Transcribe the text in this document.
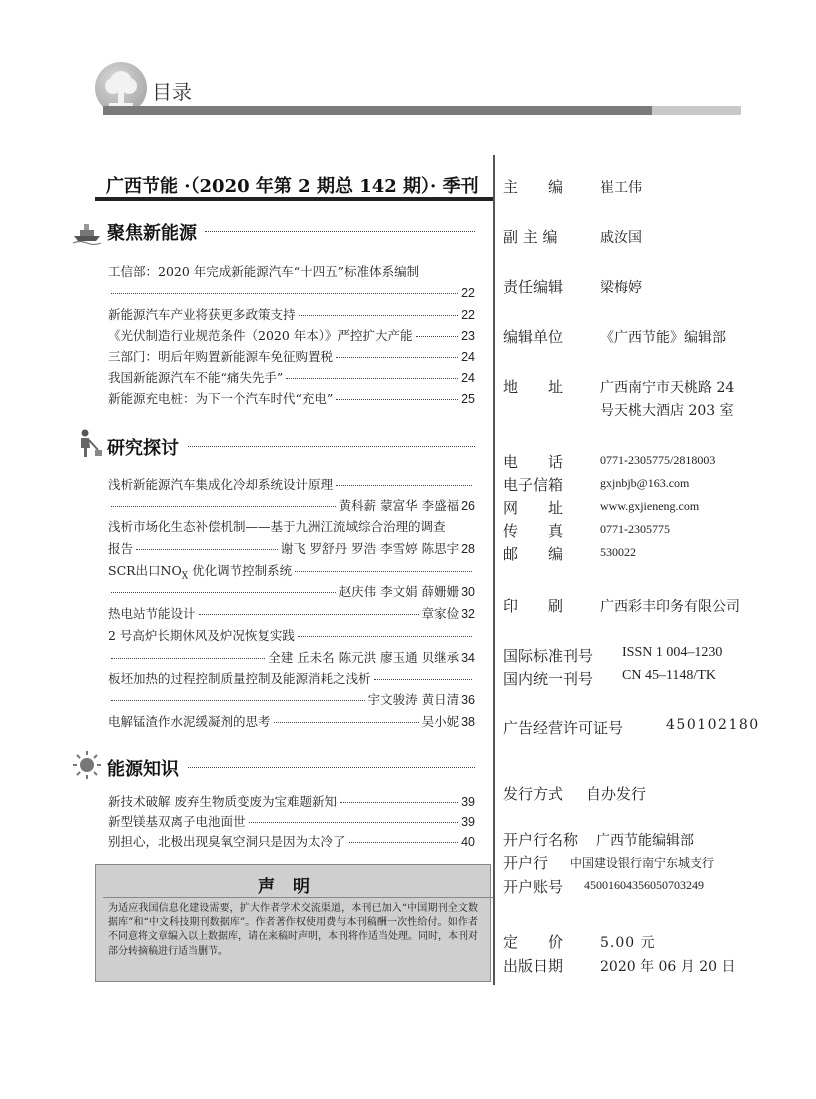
目录
广西节能 ·（2020 年第 2 期总 142 期）· 季刊
聚焦新能源
工信部：2020 年完成新能源汽车“十四五”标准体系编制
22
新能源汽车产业将获更多政策支持	22
《光伏制造行业规范条件（2020 年本）》严控扩大产能	23
三部门：明后年购置新能源车免征购置税	24
我国新能源汽车不能“痛失先手”	24
新能源充电桩：为下一个汽车时代“充电”	25
研究探讨
浅析新能源汽车集成化冷却系统设计原理
黄科薪 蒙富华 李盛福 26
浅析市场化生态补偿机制——基于九洲江流域综合治理的调查
报告	谢飞 罗舒丹 罗浩 李雪婷 陈思宇 28
SCR出口$NO_X$ 优化调节控制系统
赵庆伟 李文娟 薛姗姗 30
热电站节能设计	章家俭 32
2 号高炉长期休风及炉况恢复实践
全建 丘未名 陈元洪 廖玉通 贝继承 34
板坯加热的过程控制质量控制及能源消耗之浅析
宇文骏涛 黄日清 36
电解锰渣作水泥缓凝剂的思考	吴小妮 38
能源知识
新技术破解 废弃生物质变废为宝难题新知	39
新型镁基双离子电池面世	39
别担心，北极出现臭氧空洞只是因为太冷了	40
声明
为适应我国信息化建设需要，扩大作者学术交流渠道，本刊已加入“中国期刊全文数据库”和“中文科技期刊数据库”。作者著作权使用费与本刊稿酬一次性给付。如作者不同意将文章编入以上数据库，请在来稿时声明，本刊将作适当处理。同时，本刊对部分转摘稿进行适当删节。
主　　编	崔工伟
副 主 编	戚汝国
责任编辑	梁梅婷
编辑单位	《广西节能》编辑部
地　　址	广西南宁市天桃路 24
号天桃大酒店 203 室
电　　话	0771-2305775/2818003
电子信箱	gxjnbjb@163.com
网　　址	www.gxjieneng.com
传　　真	0771-2305775
邮　　编	530022
印　　刷	广西彩丰印务有限公司
国际标准刊号 ISSN 1 004–1230
国内统一刊号 CN 45–1148/TK
广告经营许可证号	450102180
发行方式 自办发行
开户行名称 广西节能编辑部
开户行 中国建设银行南宁东城支行
开户账号 45001604356050703249
定　　价	5.00 元
出版日期	2020 年 06 月 20 日
